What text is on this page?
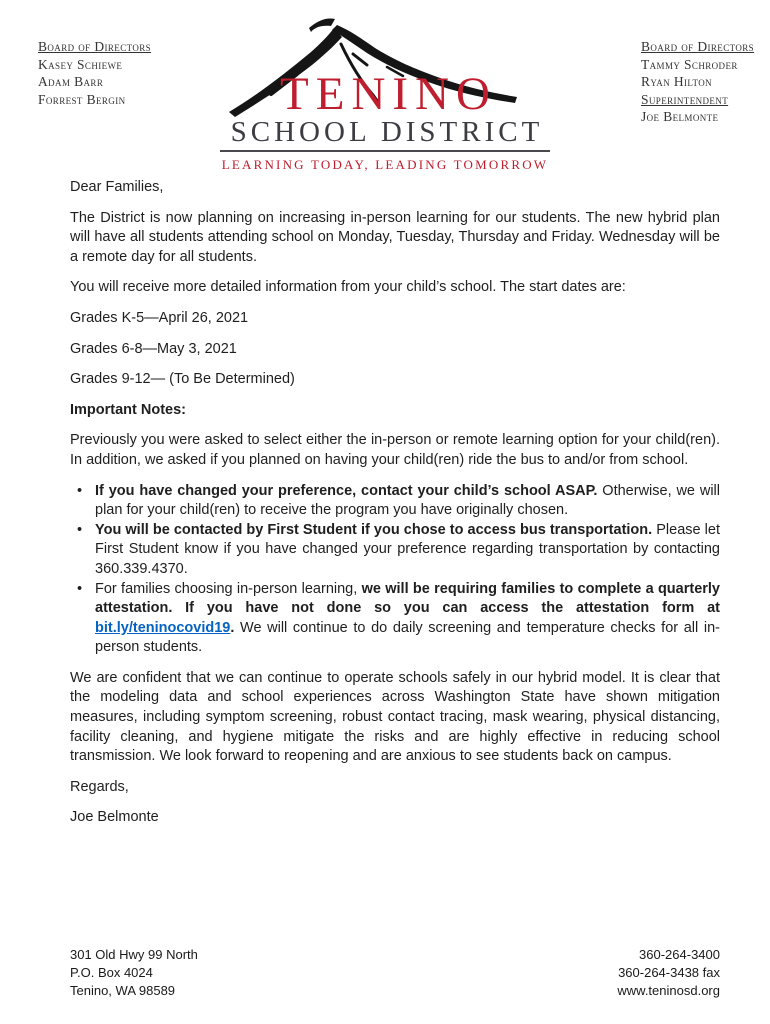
Board of Directors
Kasey Schiewe
Adam Barr
Forrest Bergin	TENINO
SCHOOL DISTRICT
LEARNING TODAY, LEADING TOMORROW
Board of Directors
Tammy Schroder
Ryan Hilton
Superintendent
Joe Belmonte

Dear Families,

The District is now planning on increasing in-person learning for our students. The new hybrid plan will have all students attending school on Monday, Tuesday, Thursday and Friday. Wednesday will be a remote day for all students.

You will receive more detailed information from your child’s school. The start dates are:

Grades K-5—April 26, 2021

Grades 6-8—May 3, 2021

Grades 9-12— (To Be Determined)

Important Notes:

Previously you were asked to select either the in-person or remote learning option for your child(ren). In addition, we asked if you planned on having your child(ren) ride the bus to and/or from school.

• If you have changed your preference, contact your child’s school ASAP. Otherwise, we will plan for your child(ren) to receive the program you have originally chosen.
• You will be contacted by First Student if you chose to access bus transportation. Please let First Student know if you have changed your preference regarding transportation by contacting 360.339.4370.
• For families choosing in-person learning, we will be requiring families to complete a quarterly attestation. If you have not done so you can access the attestation form at bit.ly/teninocovid19. We will continue to do daily screening and temperature checks for all in-person students.

We are confident that we can continue to operate schools safely in our hybrid model. It is clear that the modeling data and school experiences across Washington State have shown mitigation measures, including symptom screening, robust contact tracing, mask wearing, physical distancing, facility cleaning, and hygiene mitigate the risks and are highly effective in reducing school transmission. We look forward to reopening and are anxious to see students back on campus.

Regards,

Joe Belmonte

301 Old Hwy 99 North
P.O. Box 4024
Tenino, WA 98589
360-264-3400
360-264-3438 fax
www.teninosd.org
